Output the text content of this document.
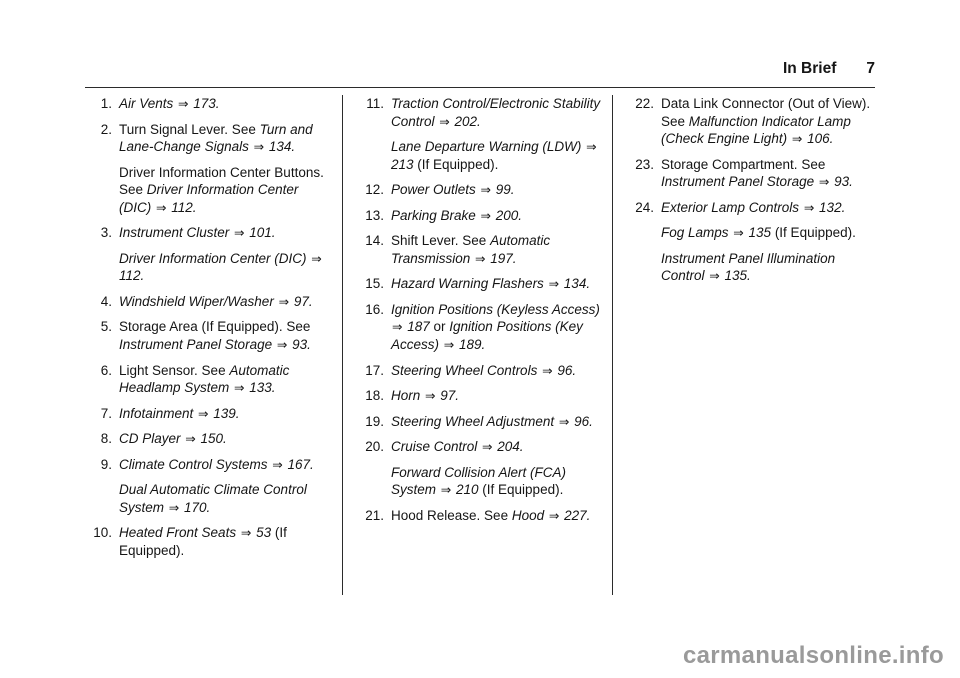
In Brief 7
1. Air Vents ⇒ 173.

2. Turn Signal Lever. See Turn and Lane-Change Signals ⇒ 134.

Driver Information Center Buttons. See Driver Information Center (DIC) ⇒ 112.

3. Instrument Cluster ⇒ 101.

Driver Information Center (DIC) ⇒ 112.

4. Windshield Wiper/Washer ⇒ 97.

5. Storage Area (If Equipped). See Instrument Panel Storage ⇒ 93.

6. Light Sensor. See Automatic Headlamp System ⇒ 133.

7. Infotainment ⇒ 139.

8. CD Player ⇒ 150.

9. Climate Control Systems ⇒ 167.

Dual Automatic Climate Control System ⇒ 170.

10. Heated Front Seats ⇒ 53 (If Equipped).

11. Traction Control/Electronic Stability Control ⇒ 202.

Lane Departure Warning (LDW) ⇒ 213 (If Equipped).

12. Power Outlets ⇒ 99.

13. Parking Brake ⇒ 200.

14. Shift Lever. See Automatic Transmission ⇒ 197.

15. Hazard Warning Flashers ⇒ 134.

16. Ignition Positions (Keyless Access) ⇒ 187 or Ignition Positions (Key Access) ⇒ 189.

17. Steering Wheel Controls ⇒ 96.

18. Horn ⇒ 97.

19. Steering Wheel Adjustment ⇒ 96.

20. Cruise Control ⇒ 204.

Forward Collision Alert (FCA) System ⇒ 210 (If Equipped).

21. Hood Release. See Hood ⇒ 227.

22. Data Link Connector (Out of View). See Malfunction Indicator Lamp (Check Engine Light) ⇒ 106.

23. Storage Compartment. See Instrument Panel Storage ⇒ 93.

24. Exterior Lamp Controls ⇒ 132.

Fog Lamps ⇒ 135 (If Equipped).

Instrument Panel Illumination Control ⇒ 135.

carmanualsonline.info
